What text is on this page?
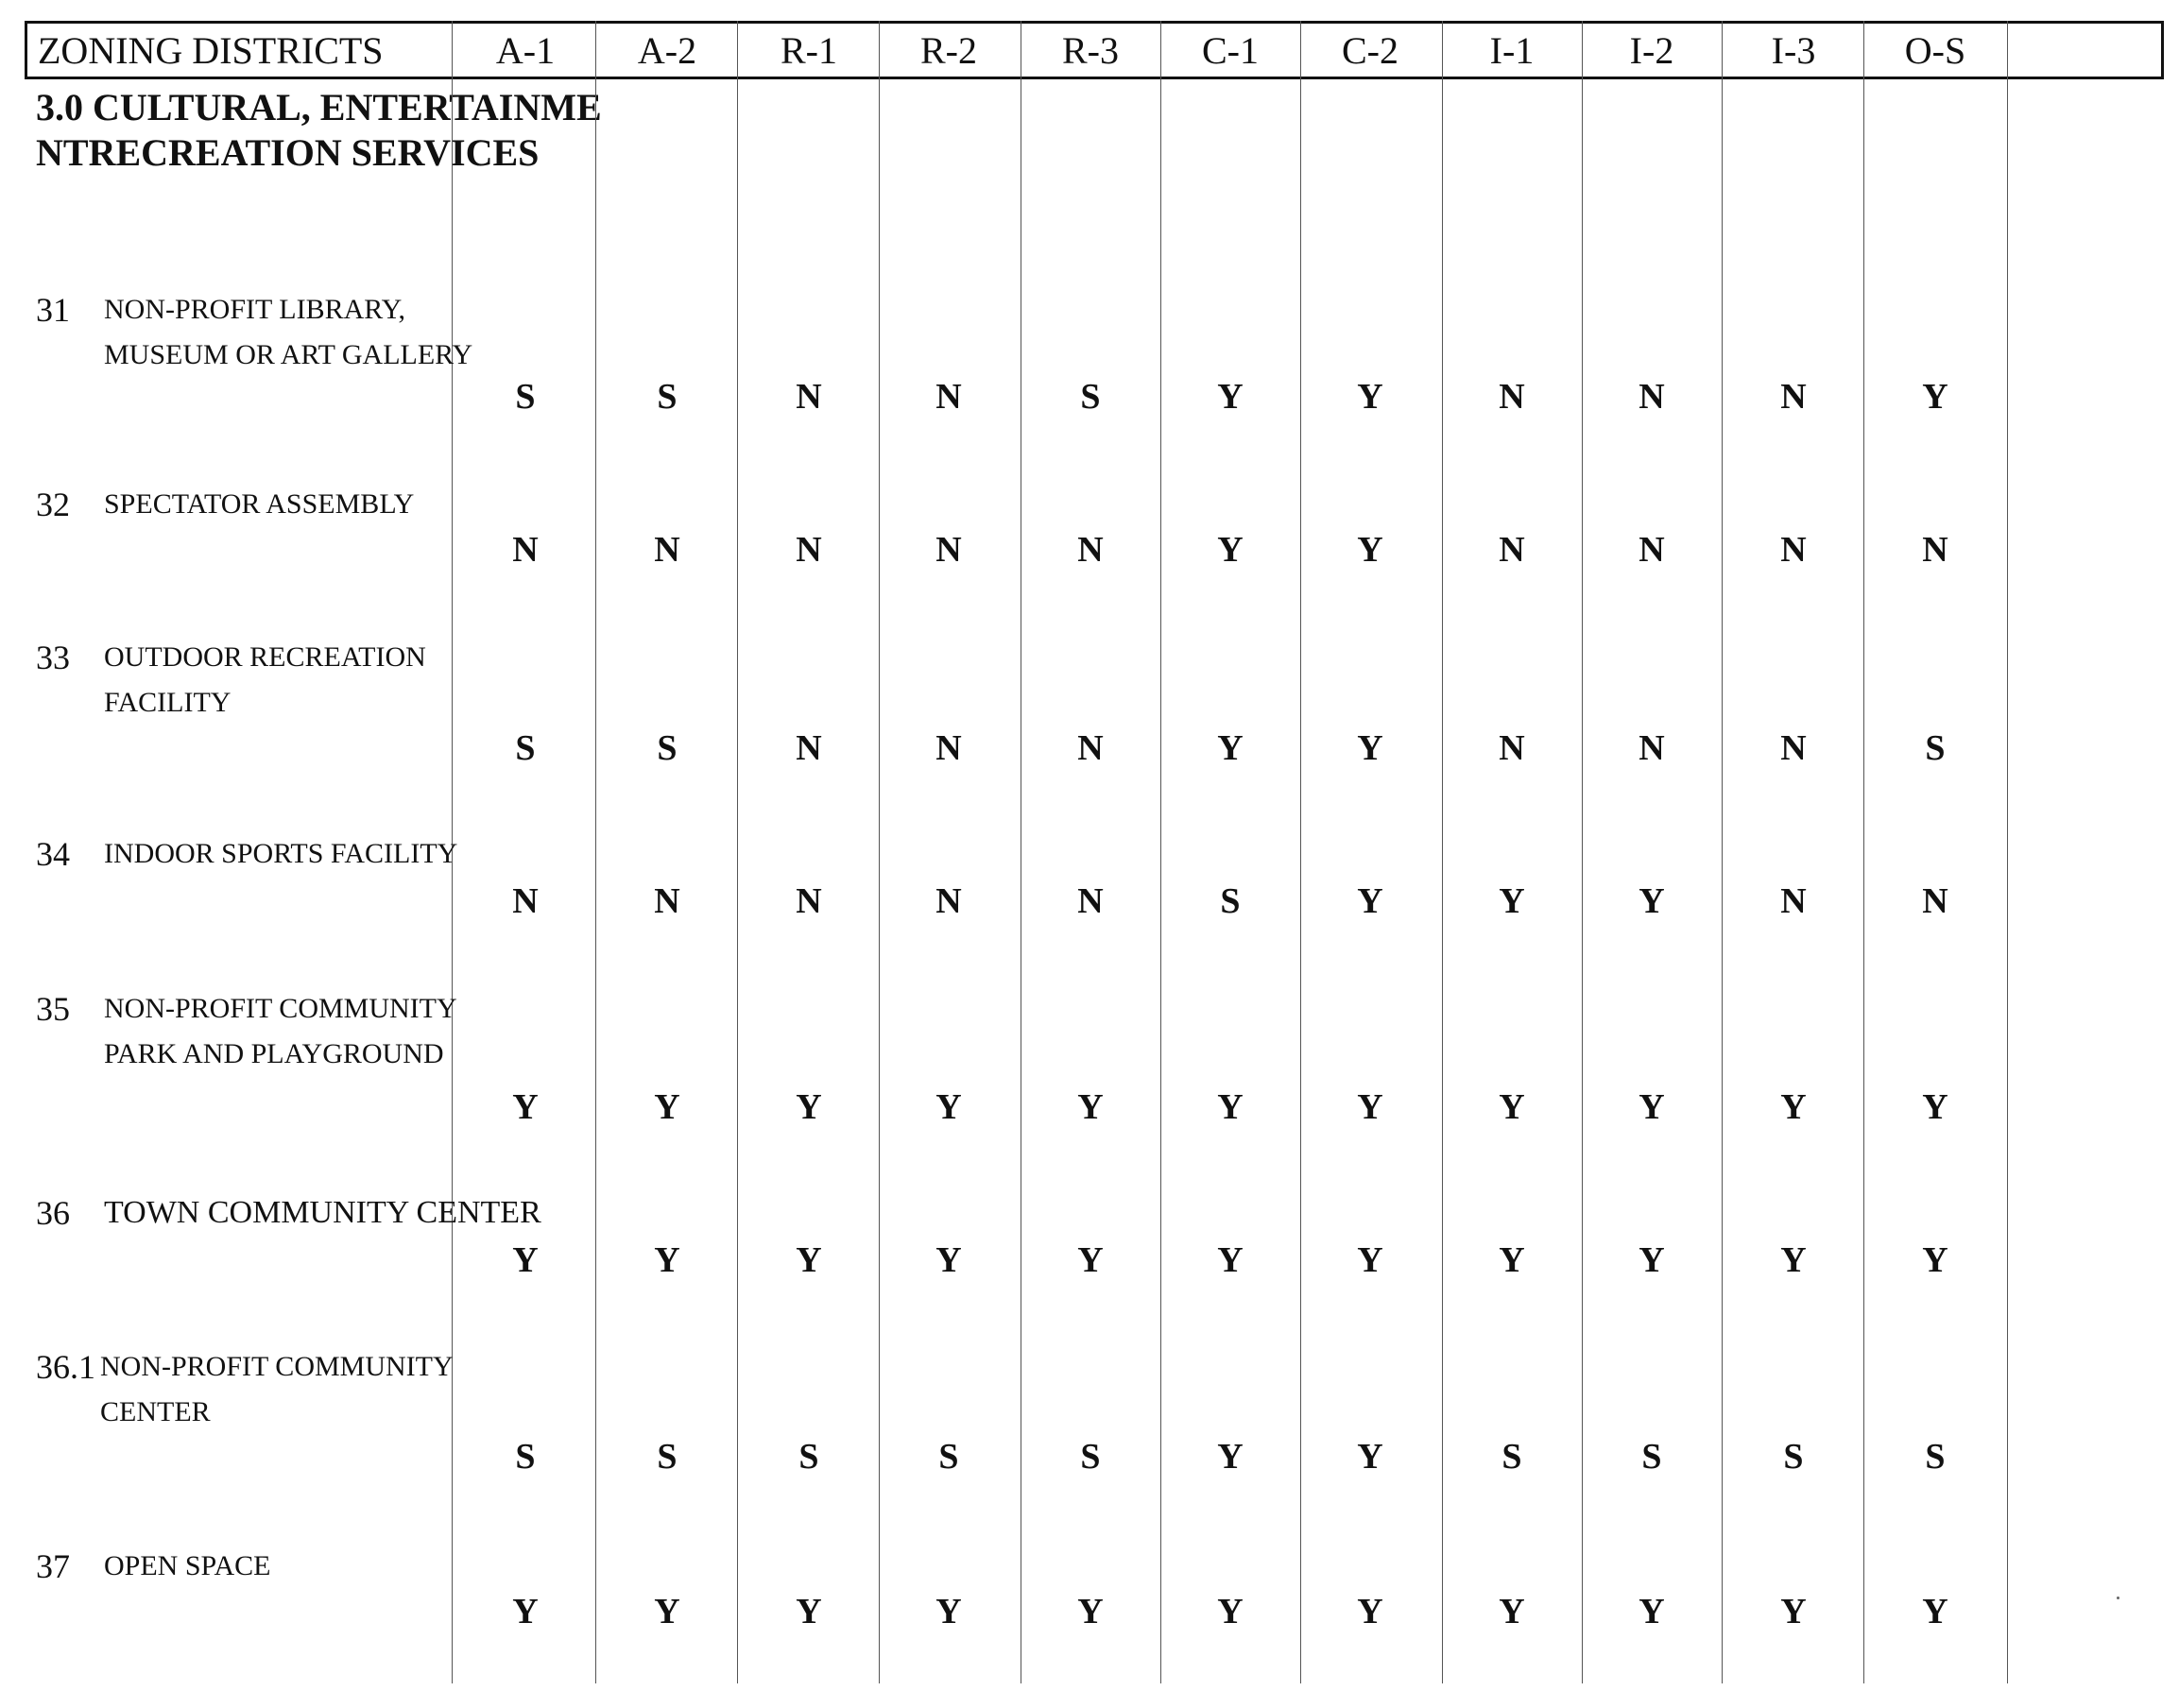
ZONING DISTRICTS
3.0 CULTURAL, ENTERTAINMENTRECREATION SERVICES
A-1	A-2	R-1	R-2	R-3	C-1	C-2	I-1	I-2	I-3	O-S
31 NON-PROFIT LIBRARY,
MUSEUM OR ART GALLERY
S	S	N	N	S	Y	Y	N	N	N	Y
32 SPECTATOR ASSEMBLY
N	N	N	N	N	Y	Y	N	N	N	N
33 OUTDOOR RECREATION
FACILITY
S	S	N	N	N	Y	Y	N	N	N	S
34 INDOOR SPORTS FACILITY
N	N	N	N	N	S	Y	Y	Y	N	N
35 NON-PROFIT COMMUNITY
PARK AND PLAYGROUND
Y	Y	Y	Y	Y	Y	Y	Y	Y	Y	Y
36 TOWN COMMUNITY CENTER
Y	Y	Y	Y	Y	Y	Y	Y	Y	Y	Y
36.1 NON-PROFIT COMMUNITY
CENTER
S	S	S	S	S	Y	Y	S	S	S	S
37 OPEN SPACE
Y	Y	Y	Y	Y	Y	Y	Y	Y	Y	Y
